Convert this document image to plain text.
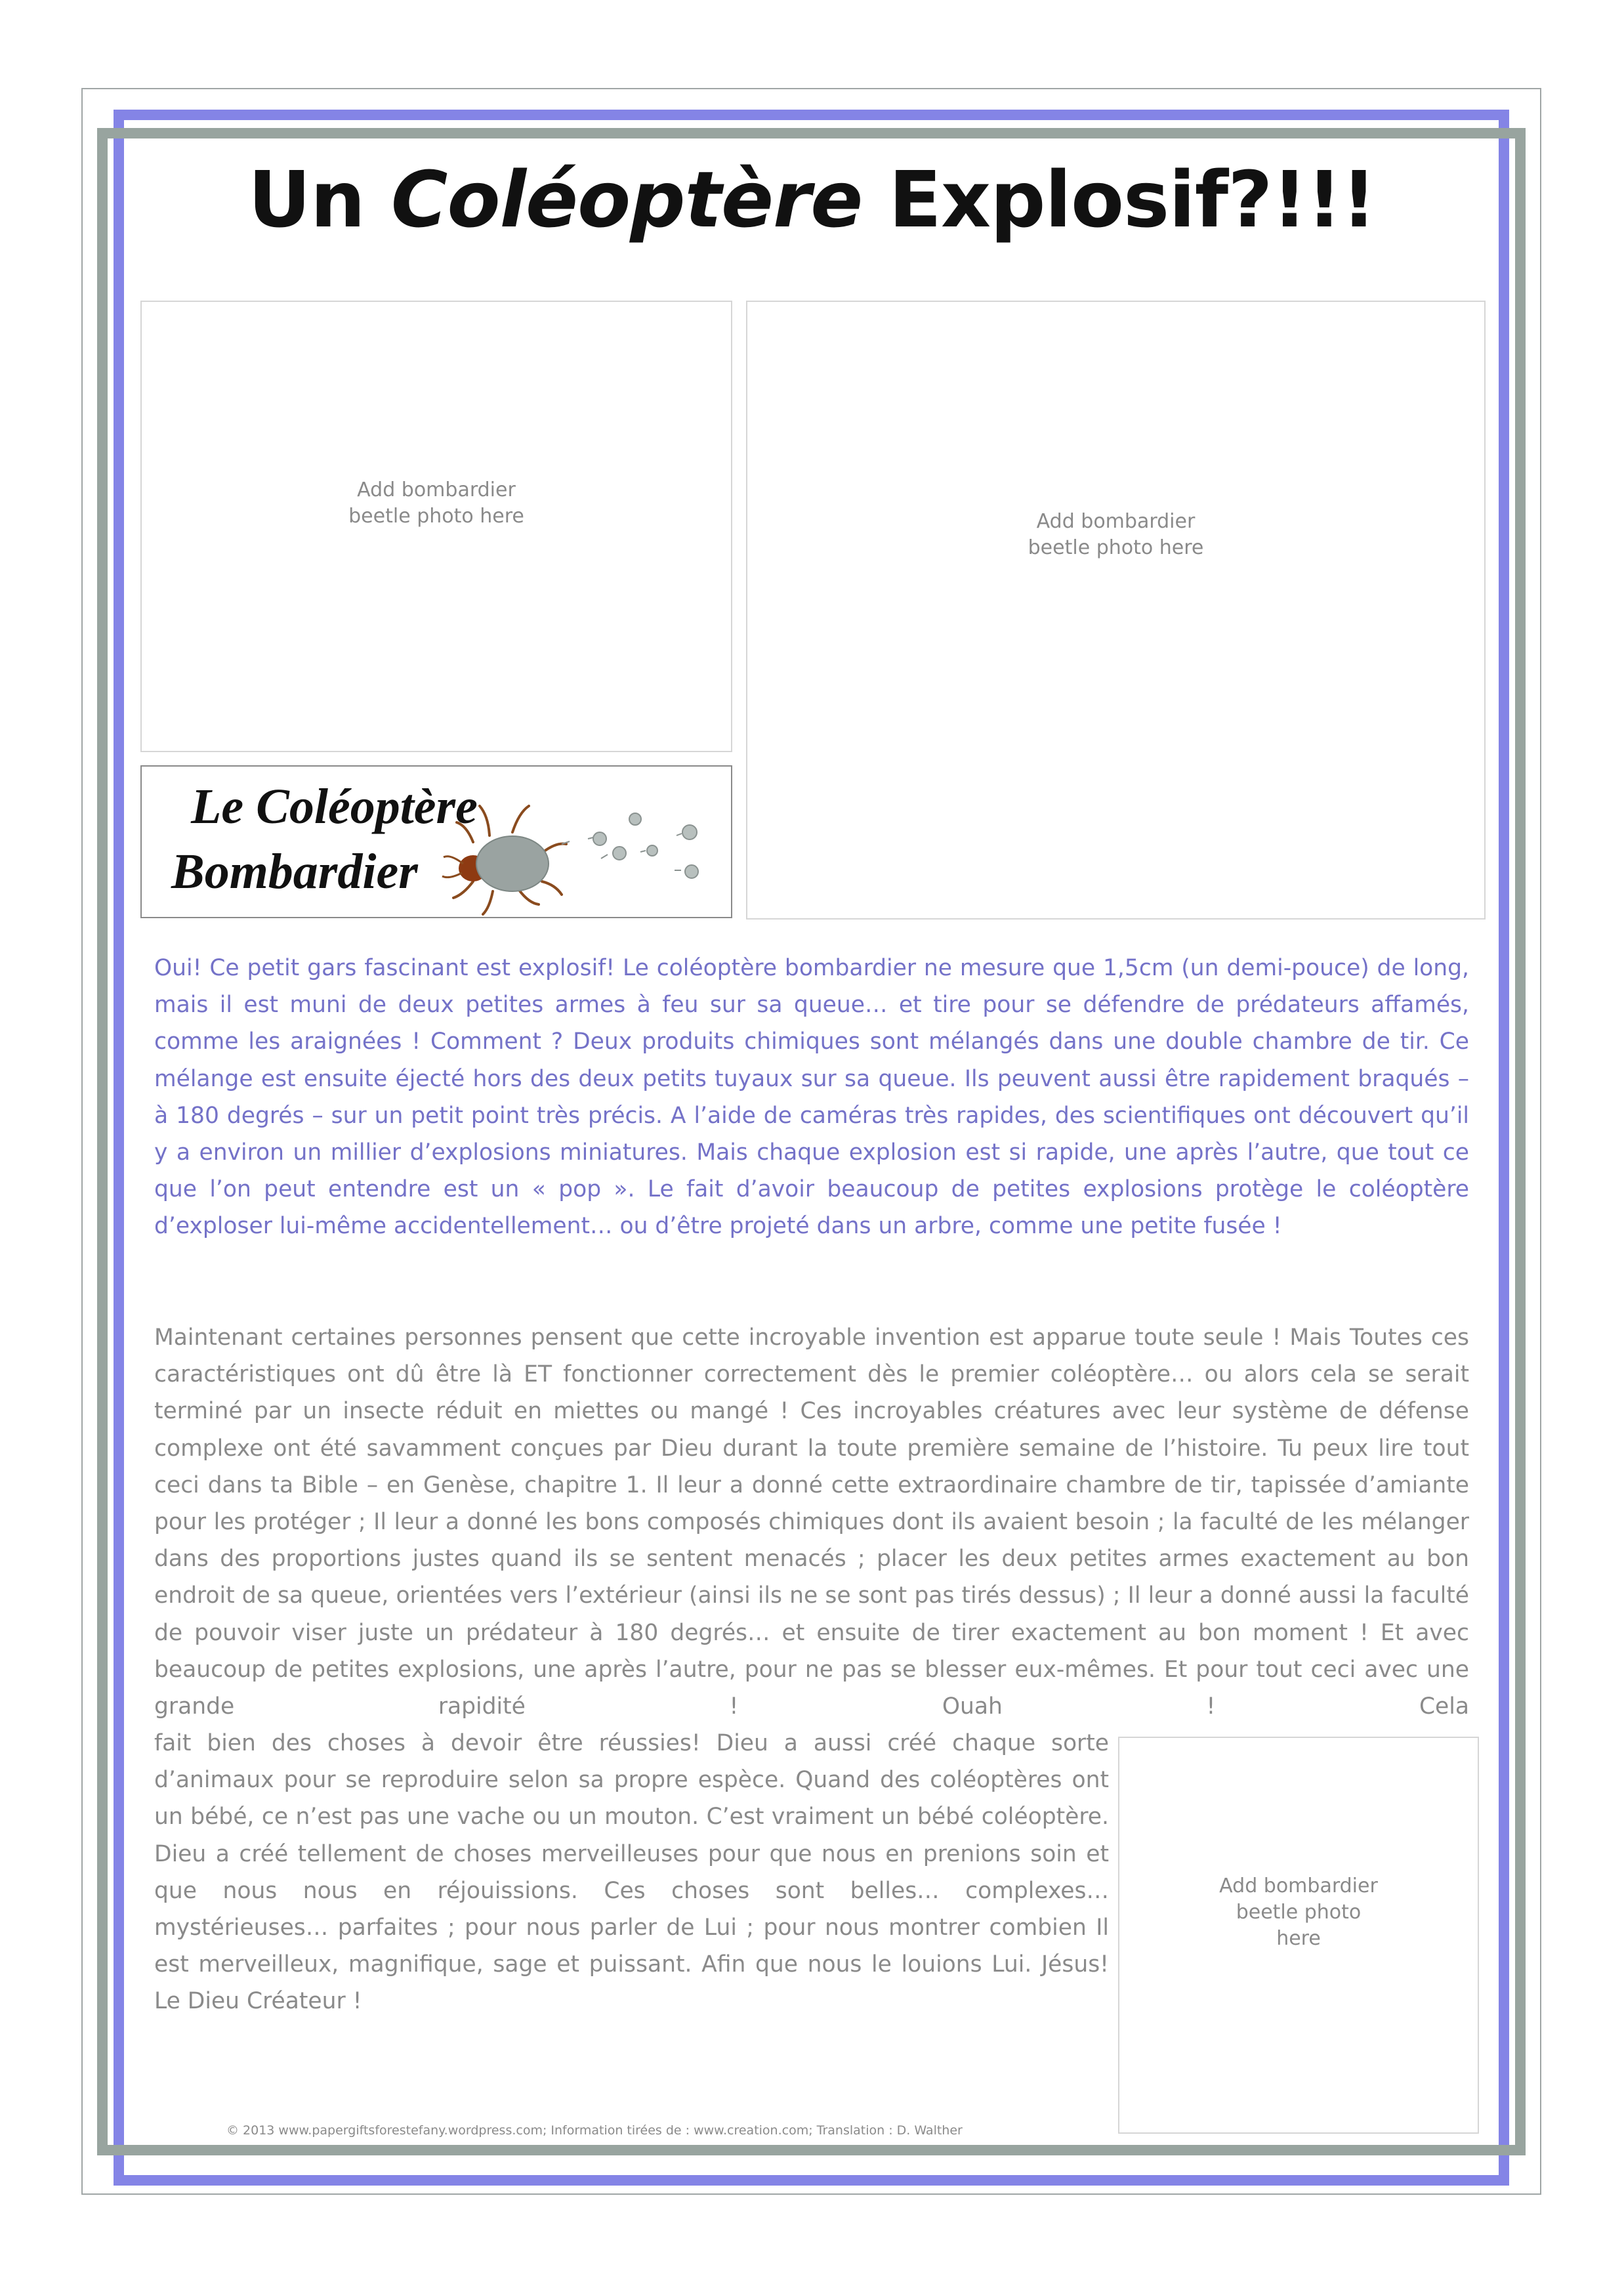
Un Coléoptère Explosif?!!!
Add bombardier
beetle photo here	Add bombardier
beetle photo here
Le Coléoptère
Bombardier

Oui! Ce petit gars fascinant est explosif! Le coléoptère bombardier ne mesure que 1,5cm (un demi-pouce) de long, mais il est muni de deux petites armes à feu sur sa queue… et tire pour se défendre de prédateurs affamés, comme les araignées ! Comment ? Deux produits chimiques sont mélangés dans une double chambre de tir. Ce mélange est ensuite éjecté hors des deux petits tuyaux sur sa queue. Ils peuvent aussi être rapidement braqués – à 180 degrés – sur un petit point très précis. A l’aide de caméras très rapides, des scientifiques ont découvert qu’il y a environ un millier d’explosions miniatures. Mais chaque explosion est si rapide, une après l’autre, que tout ce que l’on peut entendre est un « pop ». Le fait d’avoir beaucoup de petites explosions protège le coléoptère d’exploser lui-même accidentellement… ou d’être projeté dans un arbre, comme une petite fusée !

Maintenant certaines personnes pensent que cette incroyable invention est apparue toute seule ! Mais Toutes ces caractéristiques ont dû être là ET fonctionner correctement dès le premier coléoptère… ou alors cela se serait terminé par un insecte réduit en miettes ou mangé ! Ces incroyables créatures avec leur système de défense complexe ont été savamment conçues par Dieu durant la toute première semaine de l’histoire. Tu peux lire tout ceci dans ta Bible – en Genèse, chapitre 1. Il leur a donné cette extraordinaire chambre de tir, tapissée d’amiante pour les protéger ; Il leur a donné les bons composés chimiques dont ils avaient besoin ; la faculté de les mélanger dans des proportions justes quand ils se sentent menacés ; placer les deux petites armes exactement au bon endroit de sa queue, orientées vers l’extérieur (ainsi ils ne se sont pas tirés dessus) ; Il leur a donné aussi la faculté de pouvoir viser juste un prédateur à 180 degrés… et ensuite de tirer exactement au bon moment ! Et avec beaucoup de petites explosions, une après l’autre, pour ne pas se blesser eux-mêmes. Et pour tout ceci avec une grande rapidité ! Ouah ! Cela

fait bien des choses à devoir être réussies! Dieu a aussi créé chaque sorte d’animaux pour se reproduire selon sa propre espèce. Quand des coléoptères ont un bébé, ce n’est pas une vache ou un mouton. C’est vraiment un bébé coléoptère. Dieu a créé tellement de choses merveilleuses pour que nous en prenions soin et que nous nous en réjouissions. Ces choses sont belles… complexes… mystérieuses… parfaites ; pour nous parler de Lui ; pour nous montrer combien Il est merveilleux, magnifique, sage et puissant. Afin que nous le louions Lui. Jésus! Le Dieu Créateur !

Add bombardier
beetle photo
here
© 2013 www.papergiftsforestefany.wordpress.com; Information tirées de : www.creation.com; Translation : D. Walther
